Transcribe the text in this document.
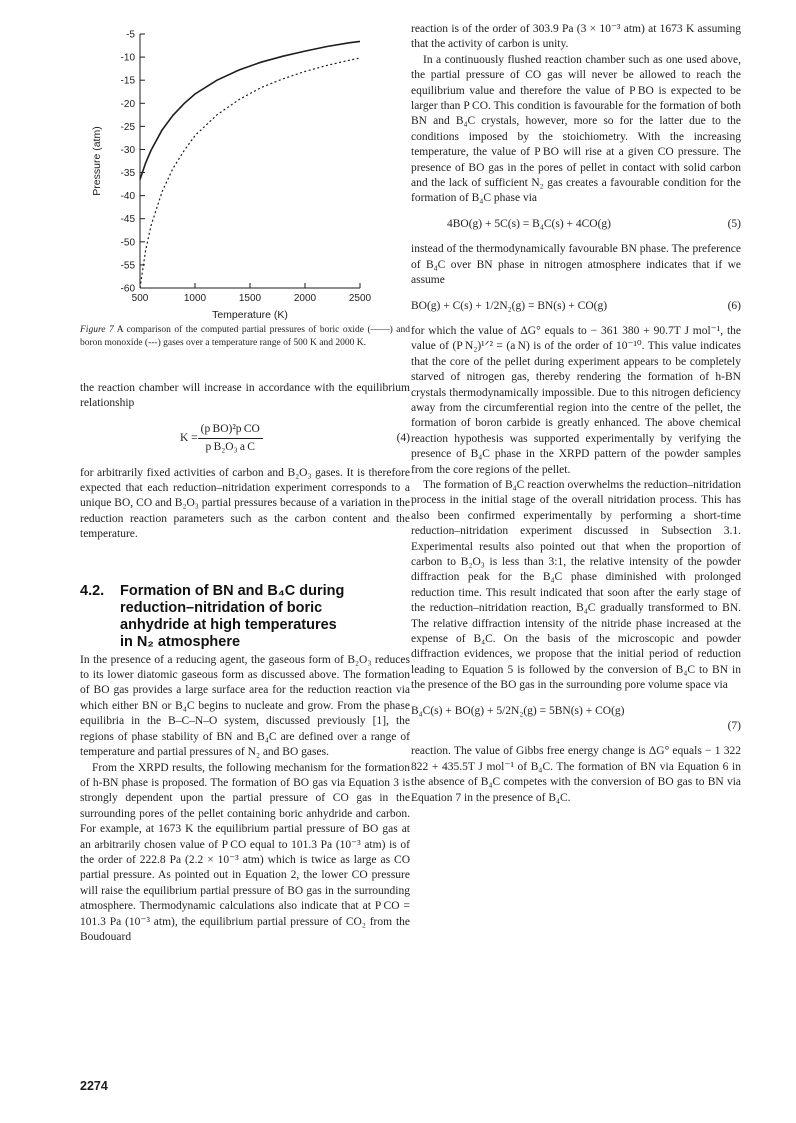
-5
-10
-15
-20
-25
-30
-35
-40
-45
-50
-55
-60
500	1000	1500	2000	2500
Temperature (K)
Pressure (atm)
Figure 7 A comparison of the computed partial pressures of boric oxide (——) and boron monoxide (---) gases over a temperature range of 500 K and 2000 K.

the reaction chamber will increase in accordance with the equilibrium relationship

$K = \frac{\text{(p BO)²p CO}}{\text{p B₂O₃ a C}}$	(4)

for arbitrarily fixed activities of carbon and B₂O₃ gases. It is therefore expected that each reduction–nitridation experiment corresponds to a unique BO, CO and B₂O₃ partial pressures because of a variation in the reduction reaction parameters such as the carbon content and the temperature.

4.2. Formation of BN and B₄C during
reduction–nitridation of boric
anhydride at high temperatures
in N₂ atmosphere

In the presence of a reducing agent, the gaseous form of B₂O₃ reduces to its lower diatomic gaseous form as discussed above. The formation of BO gas provides a large surface area for the reduction reaction via which either BN or B₄C begins to nucleate and grow. From the phase equilibria in the B–C–N–O system, discussed previously [1], the regions of phase stability of BN and B₄C are defined over a range of temperature and partial pressures of N₂ and BO gases.

From the XRPD results, the following mechanism for the formation of h-BN phase is proposed. The formation of BO gas via Equation 3 is strongly dependent upon the partial pressure of CO gas in the surrounding pores of the pellet containing boric anhydride and carbon. For example, at 1673 K the equilibrium partial pressure of BO gas at an arbitrarily chosen value of P CO equal to 101.3 Pa (10⁻³ atm) is of the order of 222.8 Pa (2.2 × 10⁻³ atm) which is twice as large as CO partial pressure. As pointed out in Equation 2, the lower CO pressure will raise the equilibrium partial pressure of BO gas in the surrounding atmosphere. Thermodynamic calculations also indicate that at P CO = 101.3 Pa (10⁻³ atm), the equilibrium partial pressure of CO₂ from the Boudouard

reaction is of the order of 303.9 Pa (3 × 10⁻³ atm) at 1673 K assuming that the activity of carbon is unity.

In a continuously flushed reaction chamber such as one used above, the partial pressure of CO gas will never be allowed to reach the equilibrium value and therefore the value of P BO is expected to be larger than P CO. This condition is favourable for the formation of both BN and B₄C crystals, however, more so for the latter due to the conditions imposed by the stoichiometry. With the increasing temperature, the value of P BO will rise at a given CO pressure. The presence of BO gas in the pores of pellet in contact with solid carbon and the lack of sufficient N₂ gas creates a favourable condition for the formation of B₄C phase via

4BO(g) + 5C(s) = B₄C(s) + 4CO(g)	(5)

instead of the thermodynamically favourable BN phase. The preference of B₄C over BN phase in nitrogen atmosphere indicates that if we assume

BO(g) + C(s) + 1/2N₂(g) = BN(s) + CO(g)	(6)

for which the value of ΔG° equals to − 361 380 + 90.7T J mol⁻¹, the value of (P N₂)¹ᐟ² = (a N) is of the order of 10⁻¹⁰. This value indicates that the core of the pellet during experiment appears to be completely starved of nitrogen gas, thereby rendering the formation of h-BN crystals thermodynamically impossible. Due to this nitrogen deficiency away from the circumferential region into the centre of the pellet, the formation of boron carbide is greatly enhanced. The above chemical reaction hypothesis was supported experimentally by verifying the presence of B₄C phase in the XRPD pattern of the powder samples from the core regions of the pellet.

The formation of B₄C reaction overwhelms the reduction–nitridation process in the initial stage of the overall nitridation process. This has also been confirmed experimentally by performing a short-time reduction–nitridation experiment discussed in Subsection 3.1. Experimental results also pointed out that when the proportion of carbon to B₂O₃ is less than 3:1, the relative intensity of the powder diffraction peak for the B₄C phase diminished with prolonged reduction time. This result indicated that soon after the early stage of the reduction–nitridation reaction, B₄C gradually transformed to BN. The relative diffraction intensity of the nitride phase increased at the expense of B₄C. On the basis of the microscopic and powder diffraction evidences, we propose that the initial period of reduction leading to Equation 5 is followed by the conversion of B₄C to BN in the presence of the BO gas in the surrounding pore volume space via

B₄C(s) + BO(g) + 5/2N₂(g) = 5BN(s) + CO(g)
(7)

reaction. The value of Gibbs free energy change is ΔG° equals − 1 322 822 + 435.5T J mol⁻¹ of B₄C. The formation of BN via Equation 6 in the absence of B₄C competes with the conversion of BO gas to BN via Equation 7 in the presence of B₄C.

2274
